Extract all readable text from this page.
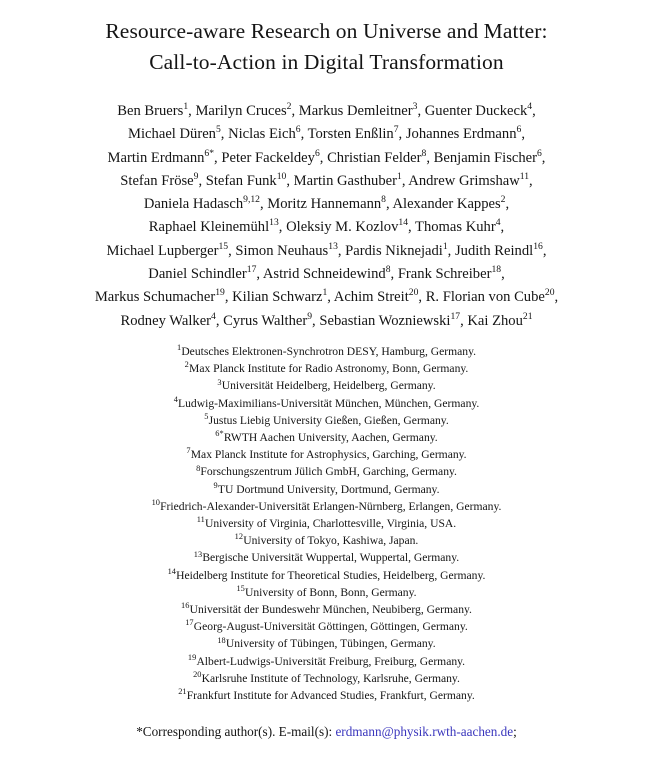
Resource-aware Research on Universe and Matter:
Call-to-Action in Digital Transformation
Ben Bruers$^1$, Marilyn Cruces$^2$, Markus Demleitner$^3$, Guenter Duckeck$^4$,
Michael Düren$^5$, Niclas Eich$^6$, Torsten Enßlin$^7$, Johannes Erdmann$^6$,
Martin Erdmann$^{6*}$, Peter Fackeldey$^6$, Christian Felder$^8$, Benjamin Fischer$^6$,
Stefan Fröse$^9$, Stefan Funk$^{10}$, Martin Gasthuber$^1$, Andrew Grimshaw$^{11}$,
Daniela Hadasch$^{9,12}$, Moritz Hannemann$^8$, Alexander Kappes$^2$,
Raphael Kleinemühl$^{13}$, Oleksiy M. Kozlov$^{14}$, Thomas Kuhr$^4$,
Michael Lupberger$^{15}$, Simon Neuhaus$^{13}$, Pardis Niknejadi$^1$, Judith Reindl$^{16}$,
Daniel Schindler$^{17}$, Astrid Schneidewind$^8$, Frank Schreiber$^{18}$,
Markus Schumacher$^{19}$, Kilian Schwarz$^1$, Achim Streit$^{20}$, R. Florian von Cube$^{20}$,
Rodney Walker$^4$, Cyrus Walther$^9$, Sebastian Wozniewski$^{17}$, Kai Zhou$^{21}$
$^1$Deutsches Elektronen-Synchrotron DESY, Hamburg, Germany.
$^2$Max Planck Institute for Radio Astronomy, Bonn, Germany.
$^3$Universität Heidelberg, Heidelberg, Germany.
$^4$Ludwig-Maximilians-Universität München, München, Germany.
$^5$Justus Liebig University Gießen, Gießen, Germany.
$^{6*}$RWTH Aachen University, Aachen, Germany.
$^7$Max Planck Institute for Astrophysics, Garching, Germany.
$^8$Forschungszentrum Jülich GmbH, Garching, Germany.
$^9$TU Dortmund University, Dortmund, Germany.
$^{10}$Friedrich-Alexander-Universität Erlangen-Nürnberg, Erlangen, Germany.
$^{11}$University of Virginia, Charlottesville, Virginia, USA.
$^{12}$University of Tokyo, Kashiwa, Japan.
$^{13}$Bergische Universität Wuppertal, Wuppertal, Germany.
$^{14}$Heidelberg Institute for Theoretical Studies, Heidelberg, Germany.
$^{15}$University of Bonn, Bonn, Germany.
$^{16}$Universität der Bundeswehr München, Neubiberg, Germany.
$^{17}$Georg-August-Universität Göttingen, Göttingen, Germany.
$^{18}$University of Tübingen, Tübingen, Germany.
$^{19}$Albert-Ludwigs-Universität Freiburg, Freiburg, Germany.
$^{20}$Karlsruhe Institute of Technology, Karlsruhe, Germany.
$^{21}$Frankfurt Institute for Advanced Studies, Frankfurt, Germany.
*Corresponding author(s). E-mail(s): erdmann@physik.rwth-aachen.de;
